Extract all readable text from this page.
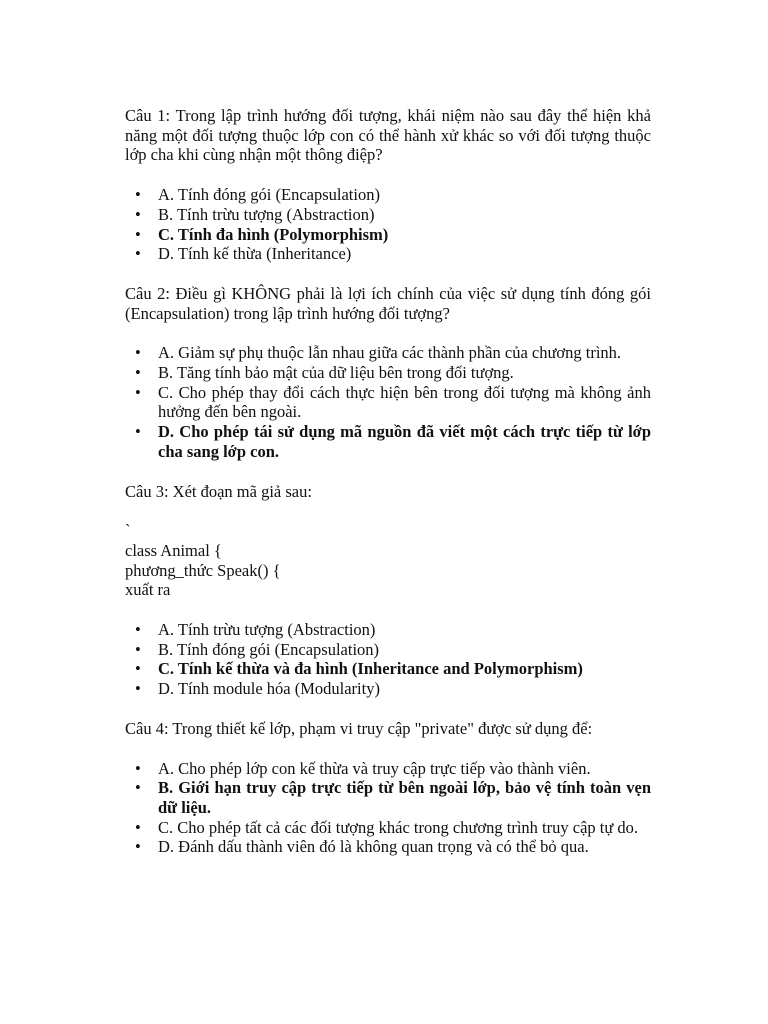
Câu 1: Trong lập trình hướng đối tượng, khái niệm nào sau đây thể hiện khả năng một đối tượng thuộc lớp con có thể hành xử khác so với đối tượng thuộc lớp cha khi cùng nhận một thông điệp?

• A. Tính đóng gói (Encapsulation)
• B. Tính trừu tượng (Abstraction)
• C. Tính đa hình (Polymorphism)
• D. Tính kế thừa (Inheritance)

Câu 2: Điều gì KHÔNG phải là lợi ích chính của việc sử dụng tính đóng gói (Encapsulation) trong lập trình hướng đối tượng?

• A. Giảm sự phụ thuộc lẫn nhau giữa các thành phần của chương trình.
• B. Tăng tính bảo mật của dữ liệu bên trong đối tượng.
• C. Cho phép thay đổi cách thực hiện bên trong đối tượng mà không ảnh hưởng đến bên ngoài.
• D. Cho phép tái sử dụng mã nguồn đã viết một cách trực tiếp từ lớp cha sang lớp con.

Câu 3: Xét đoạn mã giả sau:

`

class Animal {

phương_thức Speak() {

xuất ra

• A. Tính trừu tượng (Abstraction)
• B. Tính đóng gói (Encapsulation)
• C. Tính kế thừa và đa hình (Inheritance and Polymorphism)
• D. Tính module hóa (Modularity)

Câu 4: Trong thiết kế lớp, phạm vi truy cập "private" được sử dụng để:

• A. Cho phép lớp con kế thừa và truy cập trực tiếp vào thành viên.
• B. Giới hạn truy cập trực tiếp từ bên ngoài lớp, bảo vệ tính toàn vẹn dữ liệu.
• C. Cho phép tất cả các đối tượng khác trong chương trình truy cập tự do.
• D. Đánh dấu thành viên đó là không quan trọng và có thể bỏ qua.
